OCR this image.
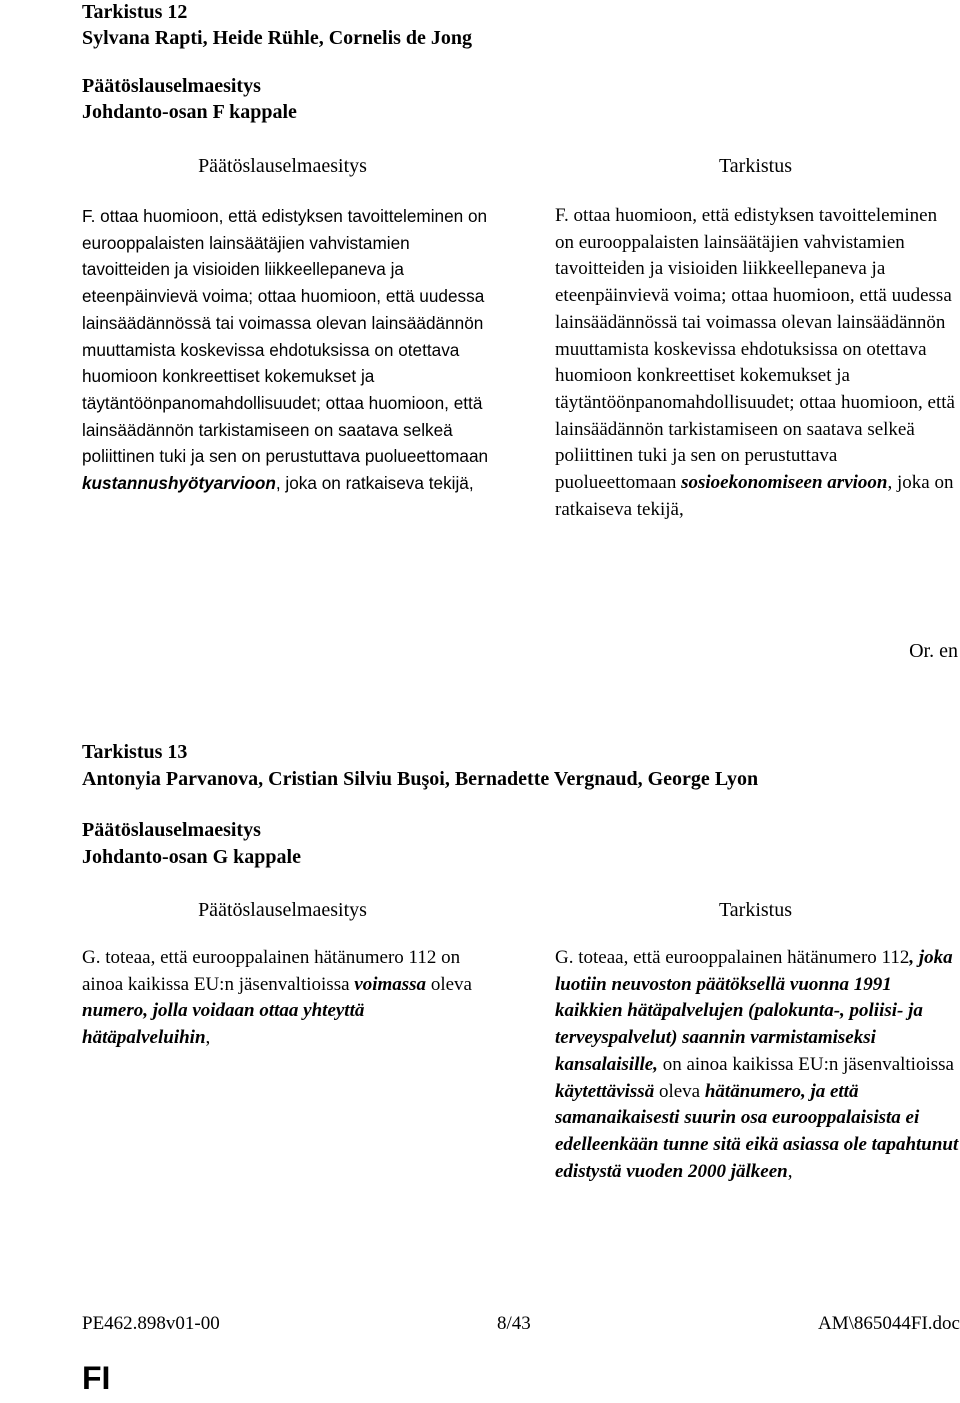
Tarkistus 12
Sylvana Rapti, Heide Rühle, Cornelis de Jong
Päätöslauselmaesitys
Johdanto-osan F kappale
Päätöslauselmaesitys	Tarkistus

F. ottaa huomioon, että edistyksen tavoitteleminen on eurooppalaisten lainsäätäjien vahvistamien tavoitteiden ja visioiden liikkeellepaneva ja eteenpäinvievä voima; ottaa huomioon, että uudessa lainsäädännössä tai voimassa olevan lainsäädännön muuttamista koskevissa ehdotuksissa on otettava huomioon konkreettiset kokemukset ja täytäntöönpanomahdollisuudet; ottaa huomioon, että lainsäädännön tarkistamiseen on saatava selkeä poliittinen tuki ja sen on perustuttava puolueettomaan kustannushyötyarvioon, joka on ratkaiseva tekijä,

F. ottaa huomioon, että edistyksen tavoitteleminen on eurooppalaisten lainsäätäjien vahvistamien tavoitteiden ja visioiden liikkeellepaneva ja eteenpäinvievä voima; ottaa huomioon, että uudessa lainsäädännössä tai voimassa olevan lainsäädännön muuttamista koskevissa ehdotuksissa on otettava huomioon konkreettiset kokemukset ja täytäntöönpanomahdollisuudet; ottaa huomioon, että lainsäädännön tarkistamiseen on saatava selkeä poliittinen tuki ja sen on perustuttava puolueettomaan sosioekonomiseen arvioon, joka on ratkaiseva tekijä,

Or. en
Tarkistus 13
Antonyia Parvanova, Cristian Silviu Buşoi, Bernadette Vergnaud, George Lyon
Päätöslauselmaesitys
Johdanto-osan G kappale
Päätöslauselmaesitys	Tarkistus

G. toteaa, että eurooppalainen hätänumero 112 on ainoa kaikissa EU:n jäsenvaltioissa voimassa oleva numero, jolla voidaan ottaa yhteyttä hätäpalveluihin,

G. toteaa, että eurooppalainen hätänumero 112, joka luotiin neuvoston päätöksellä vuonna 1991 kaikkien hätäpalvelujen (palokunta-, poliisi- ja terveyspalvelut) saannin varmistamiseksi kansalaisille, on ainoa kaikissa EU:n jäsenvaltioissa käytettävissä oleva hätänumero, ja että samanaikaisesti suurin osa eurooppalaisista ei edelleenkään tunne sitä eikä asiassa ole tapahtunut edistystä vuoden 2000 jälkeen,

PE462.898v01-00	8/43	AM\865044FI.doc
FI
